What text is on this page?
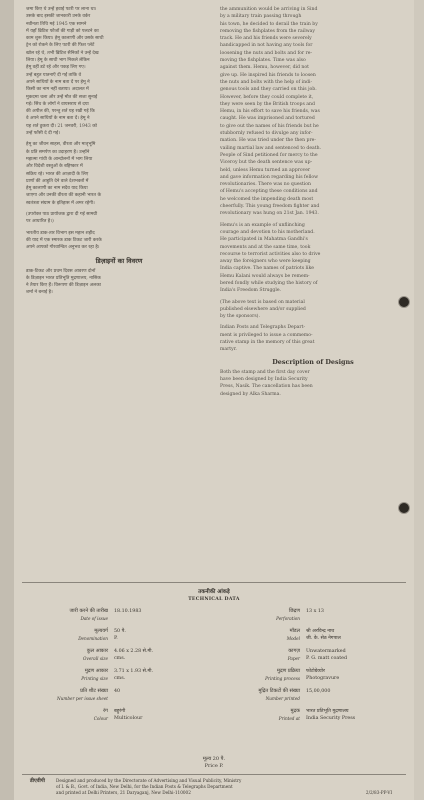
जमा किए थे उन्हें हवाई पटरी पर लाना था।
उसके बाद इसकी जानकारी उनके वर्कर
नवीनता तिथि मई 1945 एक सामने
में यहाँ ब्रिटिश फौजों की गाड़ी को पलटने का
काम शुरू किया। हेमू कालाणी और उसके साथी
ट्रेन को रोकने के लिए पटरी की फिश प्लेटें
खोल रहे थे, तभी ब्रिटिश सैनिकों ने उन्हें देख
लिया। हेमू के साथी भाग निकले लेकिन
हेमू वहीं डटे रहे और पकड़ लिए गए।
उन्हें बहुत यातनाएँ दी गईं ताकि वे
अपने साथियों के नाम बता दें पर हेमू ने
किसी का नाम नहीं बताया। अदालत में
मुकदमा चला और उन्हें मौत की सजा सुनाई
गई। सिंध के लोगों ने वायसराय से दया
की अपील की, परन्तु शर्त यह रखी गई कि
वे अपने साथियों के नाम बता दें। हेमू ने
यह शर्त ठुकरा दी। 21 जनवरी, 1943 को
उन्हें फाँसी दे दी गई।
हेमू का जीवन साहस, वीरता और मातृभूमि
के प्रति समर्पण का उदाहरण है। उन्होंने
महात्मा गांधी के आन्दोलनों में भाग लिया
और विदेशी वस्तुओं के बहिष्कार में
सक्रिय रहे। भारत की आज़ादी के लिए
प्राणों की आहुति देने वाले देशभक्तों में
हेमू कालाणी का नाम सदैव याद किया
जाएगा और उनकी वीरता की कहानी भारत के
स्वतंत्रता संग्राम के इतिहास में अमर रहेगी।
(उपरोक्त पाठ प्रायोजक द्वारा दी गई सामग्री
पर आधारित है।)
भारतीय डाक-तार विभाग इस महान शहीद
की याद में एक स्मारक डाक टिकट जारी करके
अपने आपको गौरवान्वित अनुभव कर रहा है।
डिज़ाइनों का विवरण
डाक-टिकट और प्रथम दिवस आवरण दोनों
के डिज़ाइन भारत प्रतिभूति मुद्रणालय, नासिक
ने तैयार किए हैं। विरूपण की डिज़ाइन अलका
शर्मा ने बनाई है।
the ammunition would be arriving in Sind
by a military train passing through
his town, he decided to derail the train by
removing the fishplates from the railway
track. He and his friends were severely
handicapped in not having any tools for
loosening the nuts and bolts and for re-
moving the fishplates. Time was also
against them. Hemu, however, did not
give up. He inspired his friends to loosen
the nuts and bolts with the help of indi-
genous tools and they carried on this job.
However, before they could complete it,
they were seen by the British troops and
Hemu, in his effort to save his friends, was
caught. He was imprisoned and tortured
to give out the names of his friends but he
stubbornly refused to divulge any infor-
mation. He was tried under the then pre-
vailing martial law and sentenced to death.
People of Sind petitioned for mercy to the
Viceroy but the death sentence was up-
held, unless Hemu turned an approver
and gave information regarding his fellow
revolutionaries. There was no question
of Hemu's accepting these conditions and
he welcomed the impending death most
cheerfully. This young freedom fighter and
revolutionary was hung on 21st Jan. 1943.
Hemu's is an example of unflinching
courage and devotion to his motherland.
He participated in Mahatma Gandhi's
movements and at the same time, took
recourse to terrorist activities also to drive
away the foreigners who were keeping
India captive. The names of patriots like
Hemu Kalani would always be remem-
bered fondly while studying the history of
India's Freedom Struggle.
(The above text is based on material
published elsewhere and/or supplied
by the sponsors).
Indian Posts and Telegraphs Depart-
ment is privileged to issue a commemo-
rative stamp in the memory of this great
martyr.
Description of Designs
Both the stamp and the first day cover
have been designed by India Security
Press, Nasik. The cancellation has been
designed by Alka Sharma.
तकनीकी आंकड़े
TECHNICAL DATA
जारी करने की तारीख
Date of issue
18.10.1983
मूल्यवर्ग
Denomination
50 पै.
P.
कुल आकार
Overall size
4.06 x 2.28 से.मी.
cms.
मुद्रण आकार
Printing size
3.71 x 1.93 से.मी.
cms.
प्रति शीट संख्या
Number per issue sheet
40
रंग
Colour
बहुरंगी
Multicolour
छिद्रण
Perforation
13 x 13
मॉडल
Model
श्री अरविन्द्र नाथ
जी. के. सेठ नेगपाल
कागज़
Paper
Unwatermarked
P. G. matt coated
मुद्रण प्रक्रिया
Printing process
फोटोग्रेव्योर
Photogravure
मुद्रित टिकटों की संख्या
Number printed
15,00,000
मुद्रक
Printed at
भारत प्रतिभूति मुद्रणालय
India Security Press
मूल्य 20 पै.
Price P.
डीएवीपी	Designed and produced by the Directorate of Advertising and Visual Publicity, Ministry
of I. & B., Govt. of India, New Delhi, for the Indian Posts & Telegraphs Department
and printed at Delhi Printers, 21 Daryaganj, New Delhi-110002	2/2/83-PP-VI
